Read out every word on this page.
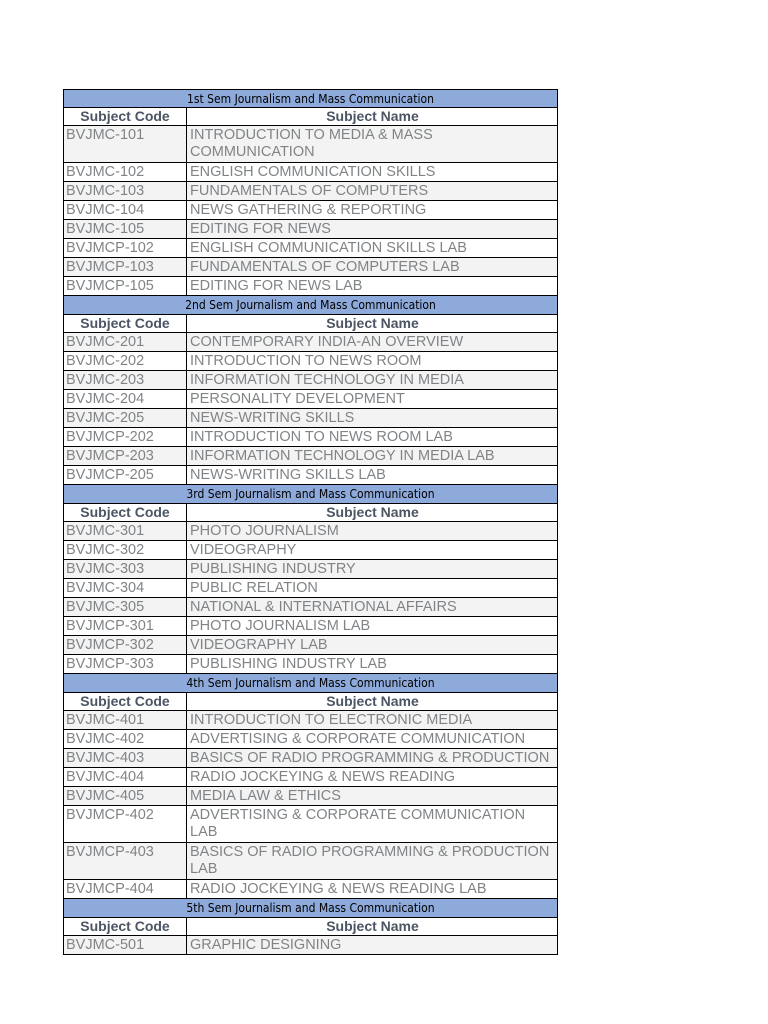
1st Sem Journalism and Mass Communication
Subject Code	Subject Name
BVJMC-101	INTRODUCTION TO MEDIA & MASS COMMUNICATION
BVJMC-102	ENGLISH COMMUNICATION SKILLS
BVJMC-103	FUNDAMENTALS OF COMPUTERS
BVJMC-104	NEWS GATHERING & REPORTING
BVJMC-105	EDITING FOR NEWS
BVJMCP-102	ENGLISH COMMUNICATION SKILLS LAB
BVJMCP-103	FUNDAMENTALS OF COMPUTERS LAB
BVJMCP-105	EDITING FOR NEWS LAB
2nd Sem Journalism and Mass Communication
Subject Code	Subject Name
BVJMC-201	CONTEMPORARY INDIA-AN OVERVIEW
BVJMC-202	INTRODUCTION TO NEWS ROOM
BVJMC-203	INFORMATION TECHNOLOGY IN MEDIA
BVJMC-204	PERSONALITY DEVELOPMENT
BVJMC-205	NEWS-WRITING SKILLS
BVJMCP-202	INTRODUCTION TO NEWS ROOM LAB
BVJMCP-203	INFORMATION TECHNOLOGY IN MEDIA LAB
BVJMCP-205	NEWS-WRITING SKILLS LAB
3rd Sem Journalism and Mass Communication
Subject Code	Subject Name
BVJMC-301	PHOTO JOURNALISM
BVJMC-302	VIDEOGRAPHY
BVJMC-303	PUBLISHING INDUSTRY
BVJMC-304	PUBLIC RELATION
BVJMC-305	NATIONAL & INTERNATIONAL AFFAIRS
BVJMCP-301	PHOTO JOURNALISM LAB
BVJMCP-302	VIDEOGRAPHY LAB
BVJMCP-303	PUBLISHING INDUSTRY LAB
4th Sem Journalism and Mass Communication
Subject Code	Subject Name
BVJMC-401	INTRODUCTION TO ELECTRONIC MEDIA
BVJMC-402	ADVERTISING & CORPORATE COMMUNICATION
BVJMC-403	BASICS OF RADIO PROGRAMMING & PRODUCTION
BVJMC-404	RADIO JOCKEYING & NEWS READING
BVJMC-405	MEDIA LAW & ETHICS
BVJMCP-402	ADVERTISING & CORPORATE COMMUNICATION LAB
BVJMCP-403	BASICS OF RADIO PROGRAMMING & PRODUCTION LAB
BVJMCP-404	RADIO JOCKEYING & NEWS READING LAB
5th Sem Journalism and Mass Communication
Subject Code	Subject Name
BVJMC-501	GRAPHIC DESIGNING
